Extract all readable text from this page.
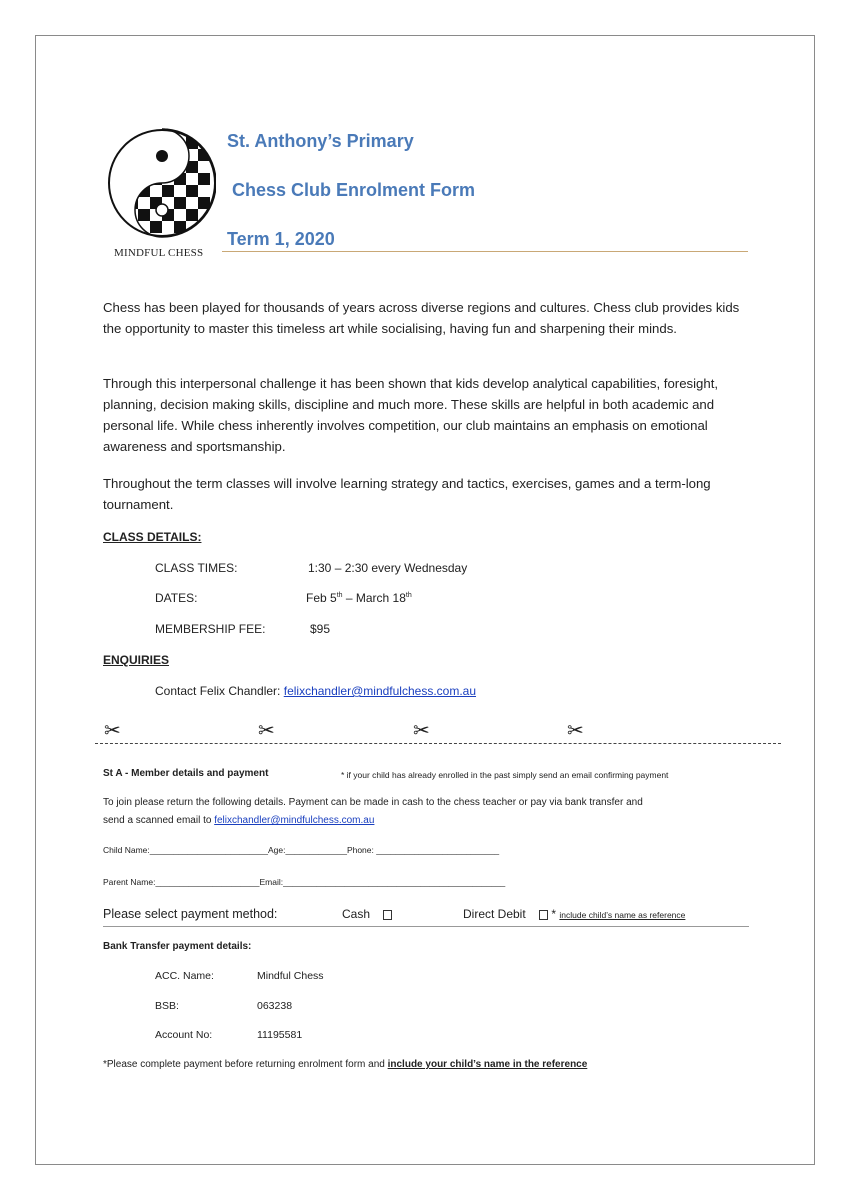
MINDFUL CHESS
St. Anthony’s Primary
Chess Club Enrolment Form
Term 1, 2020
Chess has been played for thousands of years across diverse regions and cultures. Chess club provides kids the opportunity to master this timeless art while socialising, having fun and sharpening their minds.
Through this interpersonal challenge it has been shown that kids develop analytical capabilities, foresight, planning, decision making skills, discipline and much more. These skills are helpful in both academic and personal life. While chess inherently involves competition, our club maintains an emphasis on emotional awareness and sportsmanship.
Throughout the term classes will involve learning strategy and tactics, exercises, games and a term-long tournament.
CLASS DETAILS:
CLASS TIMES:	1:30 – 2:30 every Wednesday
DATES:	Feb 5th – March 18th
MEMBERSHIP FEE:	$95
ENQUIRIES
Contact Felix Chandler: felixchandler@mindfulchess.com.au
✂	✂	✂	✂
St A - Member details and payment	* if your child has already enrolled in the past simply send an email confirming payment
To join please return the following details. Payment can be made in cash to the chess teacher or pay via bank transfer and
send a scanned email to felixchandler@mindfulchess.com.au
Child Name:_________________________Age:_____________Phone: __________________________
Parent Name:______________________Email:_______________________________________________
Please select payment method:	Cash	Direct Debit * include child’s name as reference
Bank Transfer payment details:
ACC. Name:	Mindful Chess
BSB:	063238
Account No:	11195581
*Please complete payment before returning enrolment form and include your child’s name in the reference
